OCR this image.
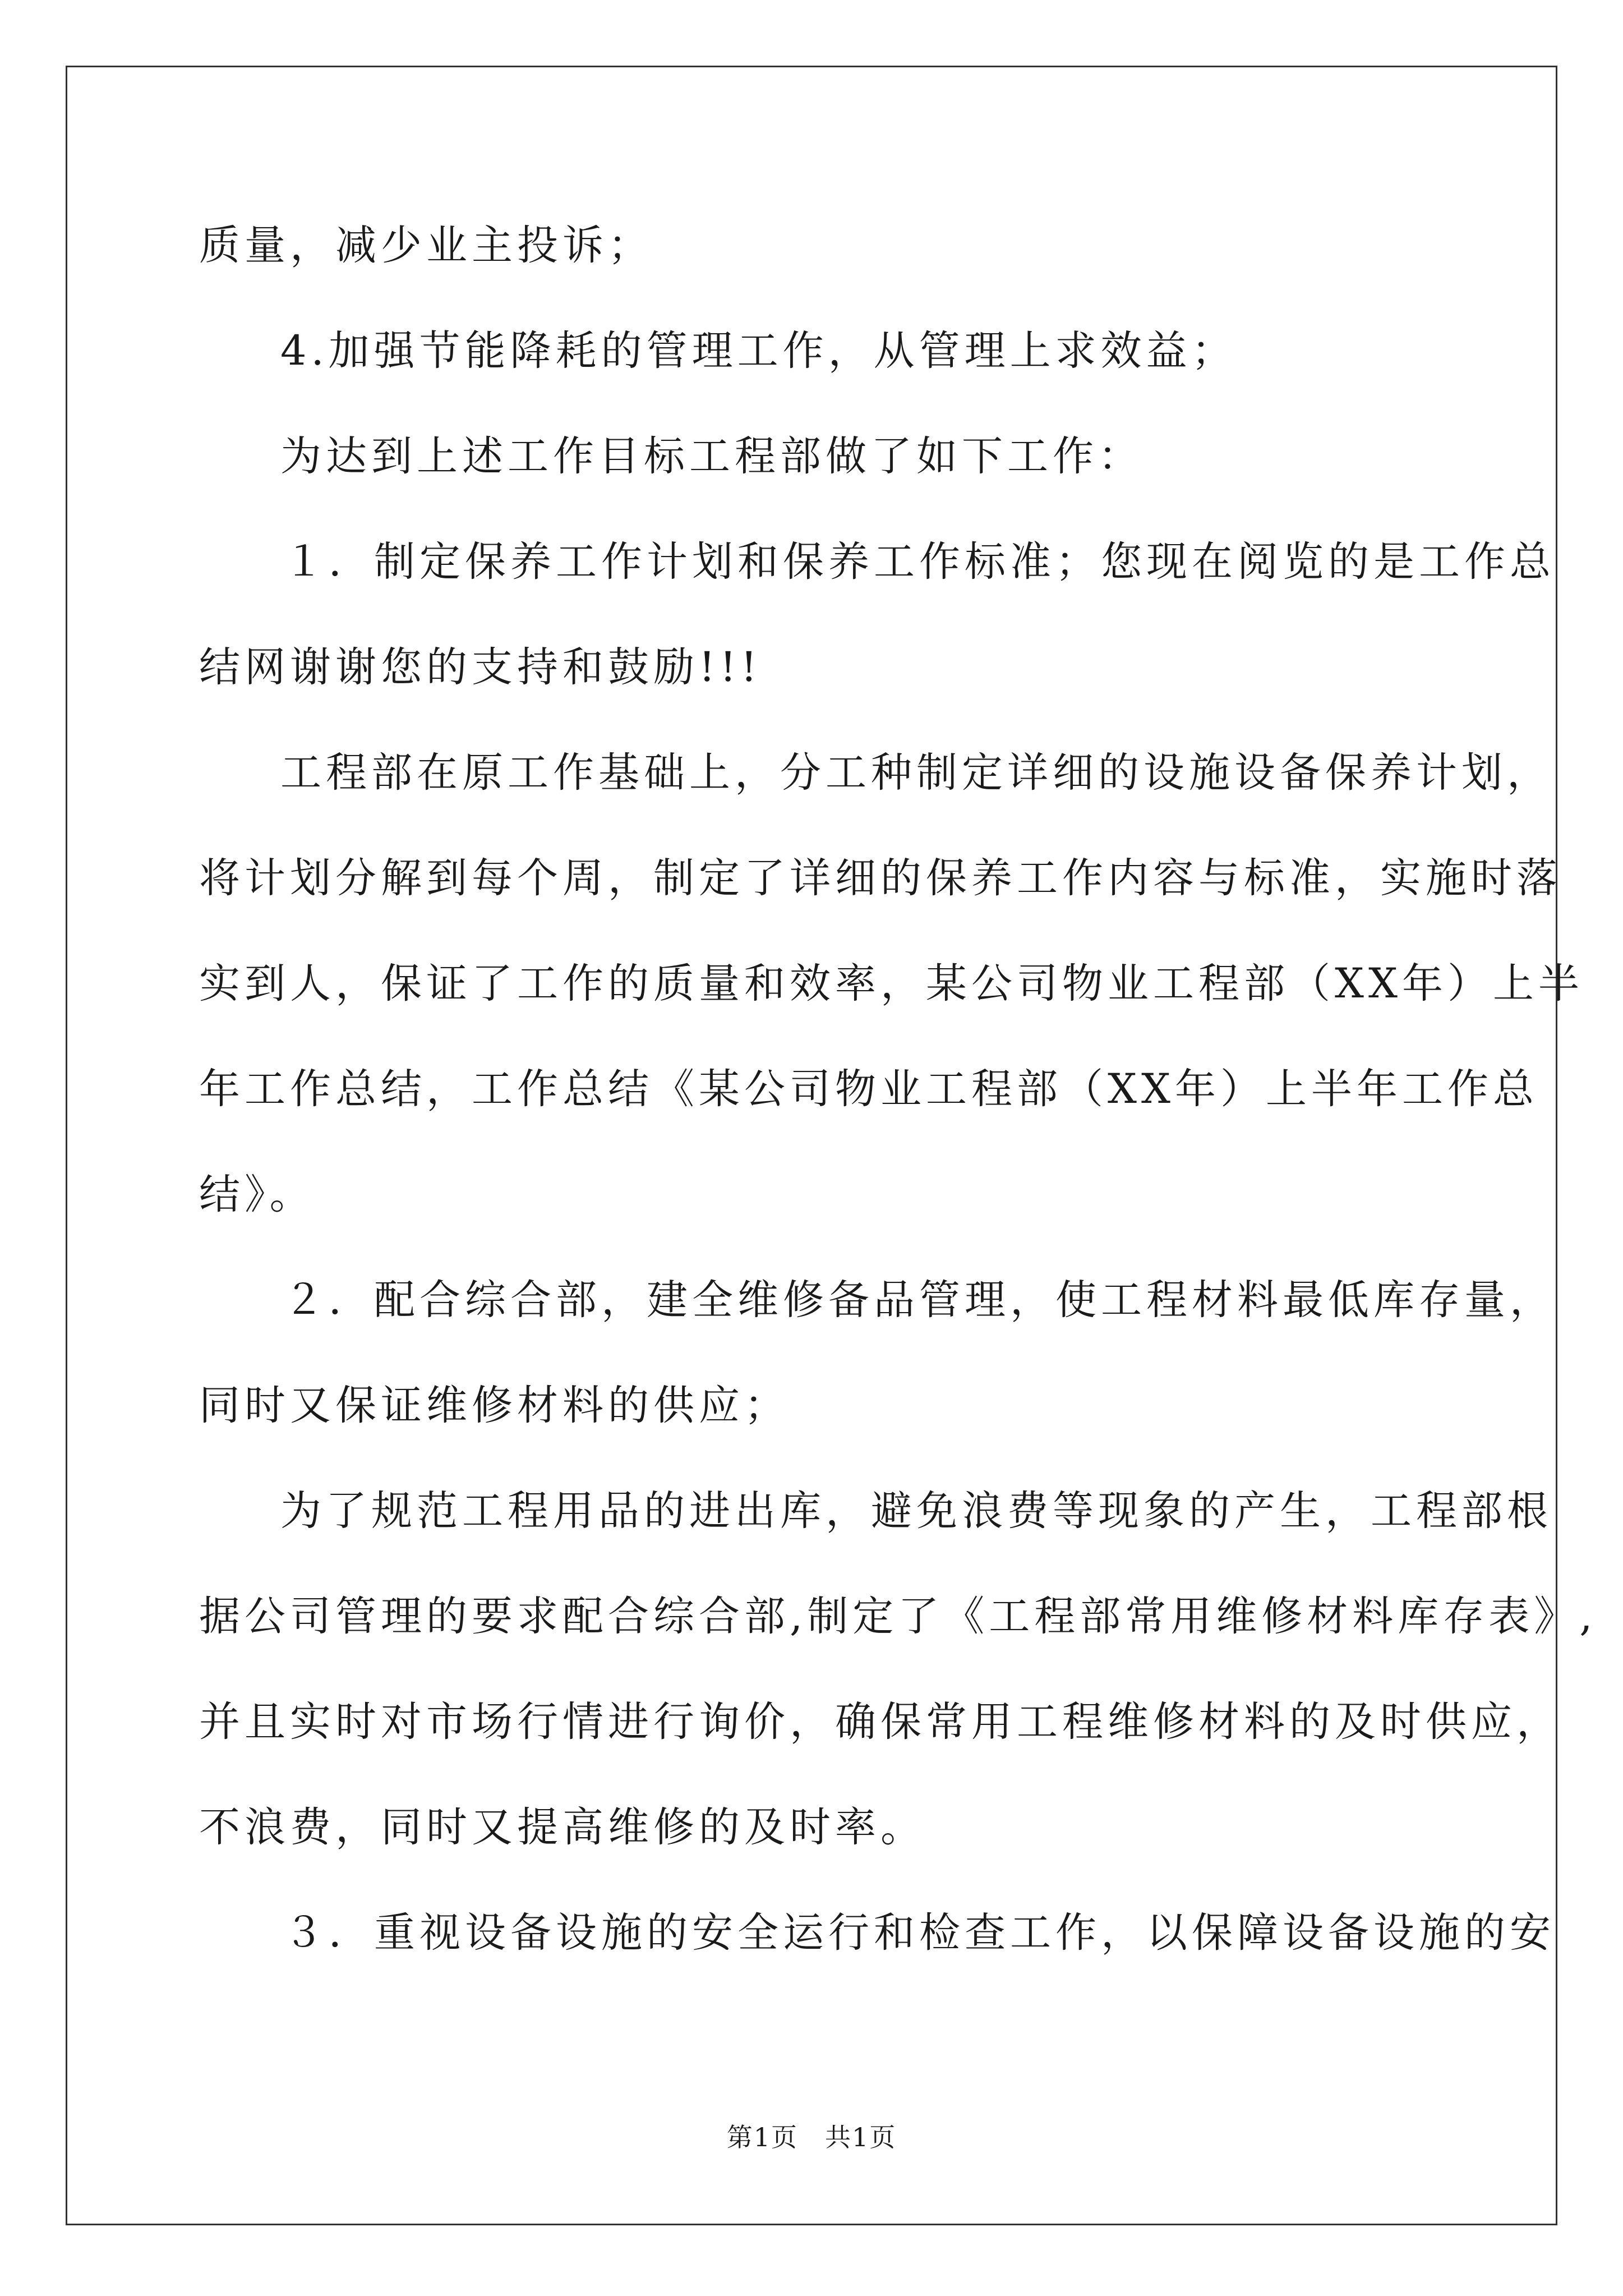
质量，减少业主投诉；
4.加强节能降耗的管理工作，从管理上求效益；
为达到上述工作目标工程部做了如下工作：
１．制定保养工作计划和保养工作标准；您现在阅览的是工作总
结网谢谢您的支持和鼓励!!!
工程部在原工作基础上，分工种制定详细的设施设备保养计划，
将计划分解到每个周，制定了详细的保养工作内容与标准，实施时落
实到人，保证了工作的质量和效率，某公司物业工程部（XX年）上半
年工作总结，工作总结《某公司物业工程部（XX年）上半年工作总
结》。
２．配合综合部，建全维修备品管理，使工程材料最低库存量，
同时又保证维修材料的供应；
为了规范工程用品的进出库，避免浪费等现象的产生，工程部根
据公司管理的要求配合综合部,制定了《工程部常用维修材料库存表》,
并且实时对市场行情进行询价，确保常用工程维修材料的及时供应，
不浪费，同时又提高维修的及时率。
３．重视设备设施的安全运行和检查工作，以保障设备设施的安
第1页　共1页
